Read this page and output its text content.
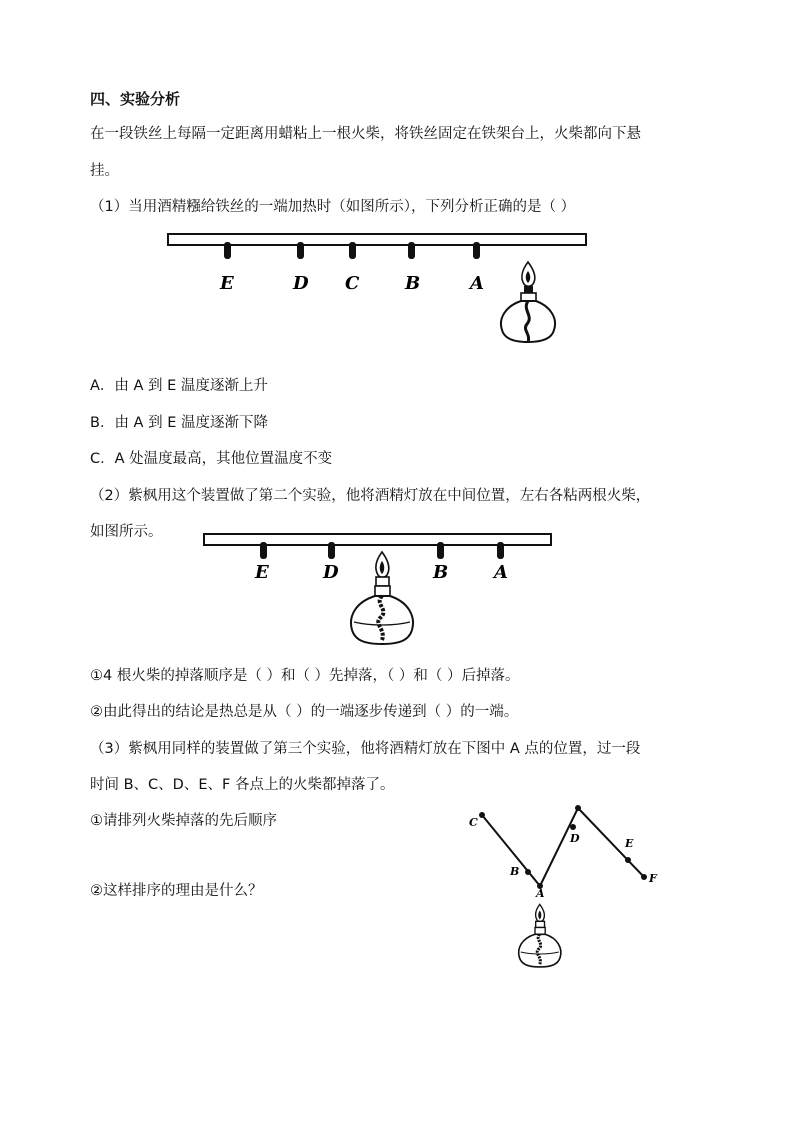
四、实验分析
在一段铁丝上每隔一定距离用蜡粘上一根火柴，将铁丝固定在铁架台上，火柴都向下悬
挂。
（1）当用酒精糨给铁丝的一端加热时（如图所示），下列分析正确的是（ ）
E	D C	B	A
A．由 A 到 E 温度逐渐上升
B．由 A 到 E 温度逐渐下降
C．A 处温度最高，其他位置温度不变
（2）紫枫用这个装置做了第二个实验，他将酒精灯放在中间位置，左右各粘两根火柴，
如图所示。
E	D	B	A
①4 根火柴的掉落顺序是（ ）和（ ）先掉落，（ ）和（ ）后掉落。
②由此得出的结论是热总是从（ ）的一端逐步传递到（ ）的一端。
（3）紫枫用同样的装置做了第三个实验，他将酒精灯放在下图中 A 点的位置，过一段
时间 B、C、D、E、F 各点上的火柴都掉落了。
①请排列火柴掉落的先后顺序
②这样排序的理由是什么？
C
B
A
D	E
F
